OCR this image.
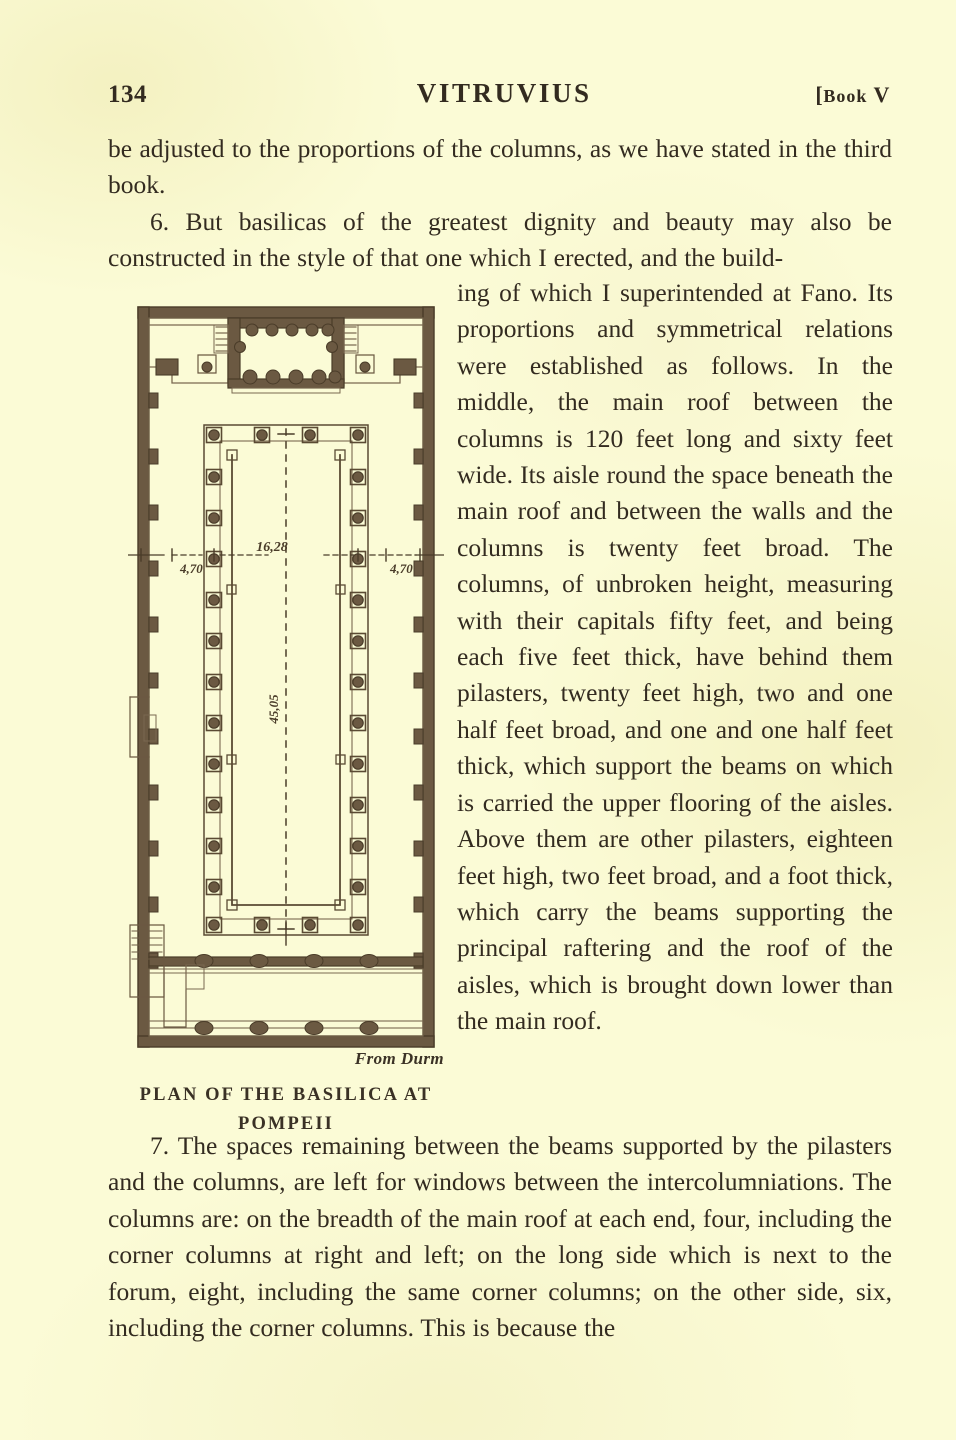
134	VITRUVIUS	[Book V

be adjusted to the proportions of the columns, as we have stated in the third book.

6. But basilicas of the greatest dignity and beauty may also be constructed in the style of that one which I erected, and the build-

ing of which I superintended at Fano. Its proportions and symmetrical relations were established as follows. In the middle, the main roof between the columns is 120 feet long and sixty feet wide. Its aisle round the space beneath the main roof and between the walls and the columns is twenty feet broad. The columns, of unbroken height, measuring with their capitals fifty feet, and being each five feet thick, have behind them pilasters, twenty feet high, two and one half feet broad, and one and one half feet thick, which support the beams on which is carried the upper flooring of the aisles. Above them are other pilasters, eighteen feet high, two feet broad, and a foot thick, which carry the beams supporting the principal raftering and the roof of the aisles, which is brought down lower than the main roof.

4,70
16,28
4,70
45,05
From Durm
PLAN OF THE BASILICA AT
POMPEII

7. The spaces remaining between the beams supported by the pilasters and the columns, are left for windows between the intercolumniations. The columns are: on the breadth of the main roof at each end, four, including the corner columns at right and left; on the long side which is next to the forum, eight, including the same corner columns; on the other side, six, including the corner columns. This is because the
